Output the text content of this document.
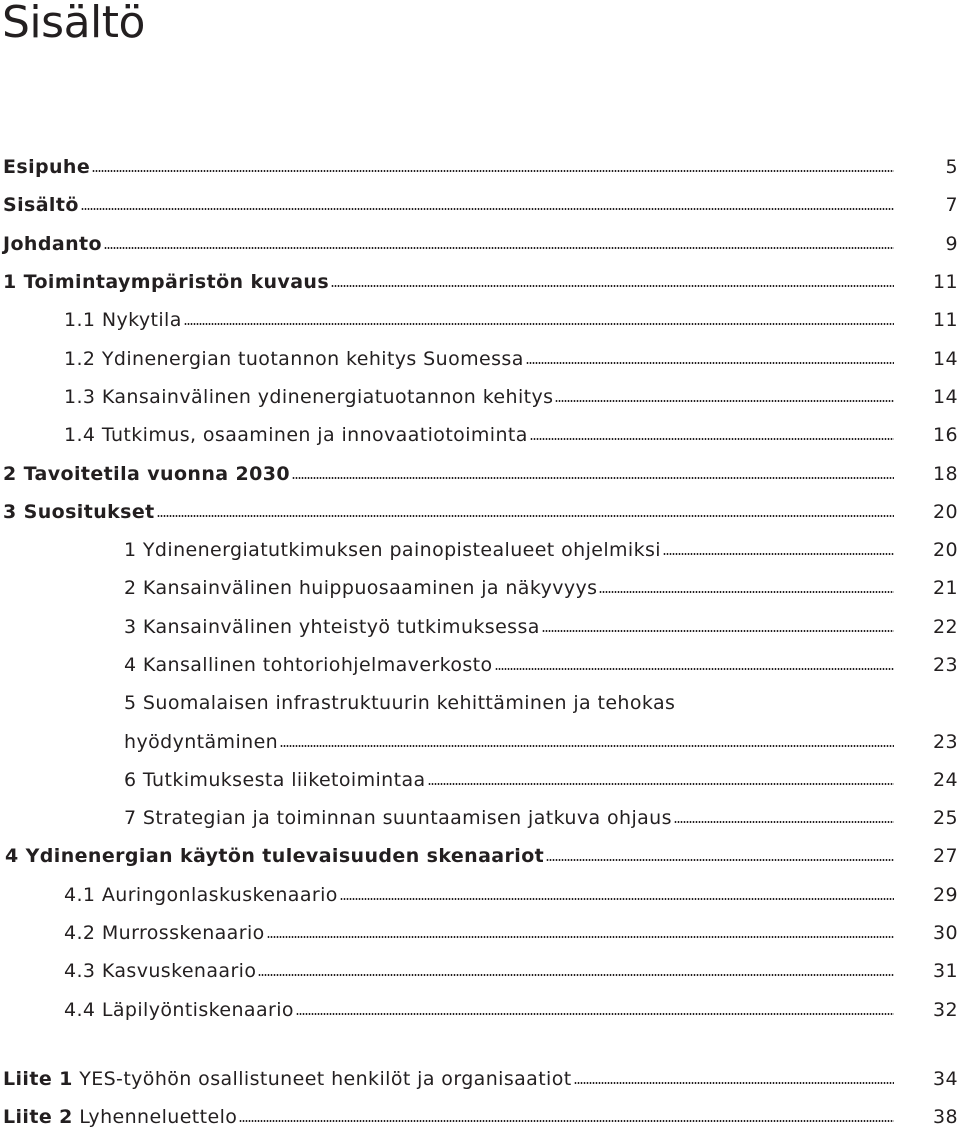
Sisältö
Esipuhe	5
Sisältö	7
Johdanto	9
1 Toimintaympäristön kuvaus	11
1.1 Nykytila	11
1.2 Ydinenergian tuotannon kehitys Suomessa	14
1.3 Kansainvälinen ydinenergiatuotannon kehitys	14
1.4 Tutkimus, osaaminen ja innovaatiotoiminta	16
2 Tavoitetila vuonna 2030	18
3 Suositukset	20
1 Ydinenergiatutkimuksen painopistealueet ohjelmiksi	20
2 Kansainvälinen huippuosaaminen ja näkyvyys	21
3 Kansainvälinen yhteistyö tutkimuksessa	22
4 Kansallinen tohtoriohjelmaverkosto	23
5 Suomalaisen infrastruktuurin kehittäminen ja tehokas
hyödyntäminen	23
6 Tutkimuksesta liiketoimintaa	24
7 Strategian ja toiminnan suuntaamisen jatkuva ohjaus	25
4 Ydinenergian käytön tulevaisuuden skenaariot	27
4.1 Auringonlaskuskenaario	29
4.2 Murrosskenaario	30
4.3 Kasvuskenaario	31
4.4 Läpilyöntiskenaario	32
Liite 1 YES-työhön osallistuneet henkilöt ja organisaatiot	34
Liite 2 Lyhenneluettelo	38
